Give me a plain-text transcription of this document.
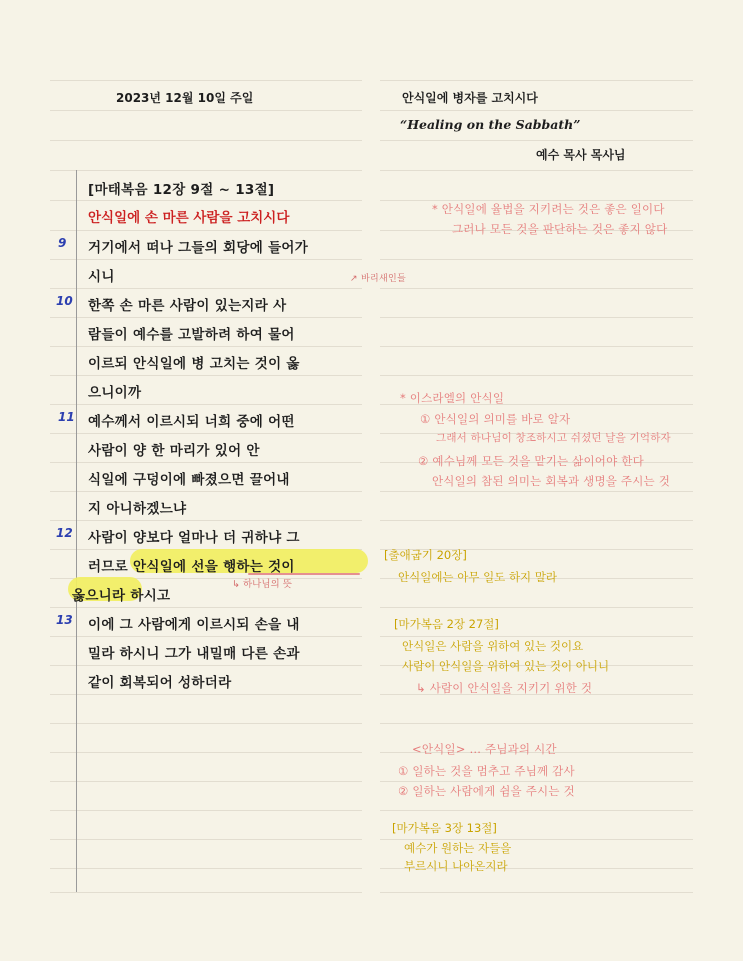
2023년 12월 10일 주일	안식일에 병자를 고치시다
“Healing on the Sabbath”
예수 목사 목사님
[마태복음 12장 9절 ~ 13절]
안식일에 손 마른 사람을 고치시다
↗ 바리새인들
9 거기에서 떠나 그들의 회당에 들어가
시니
10 한쪽 손 마른 사람이 있는지라 사
람들이 예수를 고발하려 하여 물어
이르되 안식일에 병 고치는 것이 옳
으니이까
11 예수께서 이르시되 너희 중에 어떤
사람이 양 한 마리가 있어 안
식일에 구덩이에 빠졌으면 끌어내
지 아니하겠느냐
12 사람이 양보다 얼마나 더 귀하냐 그
러므로 안식일에 선을 행하는 것이
옳으니라 하시고
↳ 하나님의 뜻
13 이에 그 사람에게 이르시되 손을 내
밀라 하시니 그가 내밀매 다른 손과
같이 회복되어 성하더라
* 안식일에 율법을 지키려는 것은 좋은 일이다
그러나 모든 것을 판단하는 것은 좋지 않다
* 이스라엘의 안식일
① 안식일의 의미를 바로 알자
그래서 하나님이 창조하시고 쉬셨던 날을 기억하자
② 예수님께 모든 것을 맡기는 삶이어야 한다
안식일의 참된 의미는 회복과 생명을 주시는 것
[출애굽기 20장]
안식일에는 아무 일도 하지 말라
[마가복음 2장 27절]
안식일은 사람을 위하여 있는 것이요
사람이 안식일을 위하여 있는 것이 아니니
↳ 사람이 안식일을 지키기 위한 것
<안식일> … 주님과의 시간
① 일하는 것을 멈추고 주님께 감사
② 일하는 사람에게 쉼을 주시는 것
[마가복음 3장 13절]
예수가 원하는 자들을
부르시니 나아온지라
